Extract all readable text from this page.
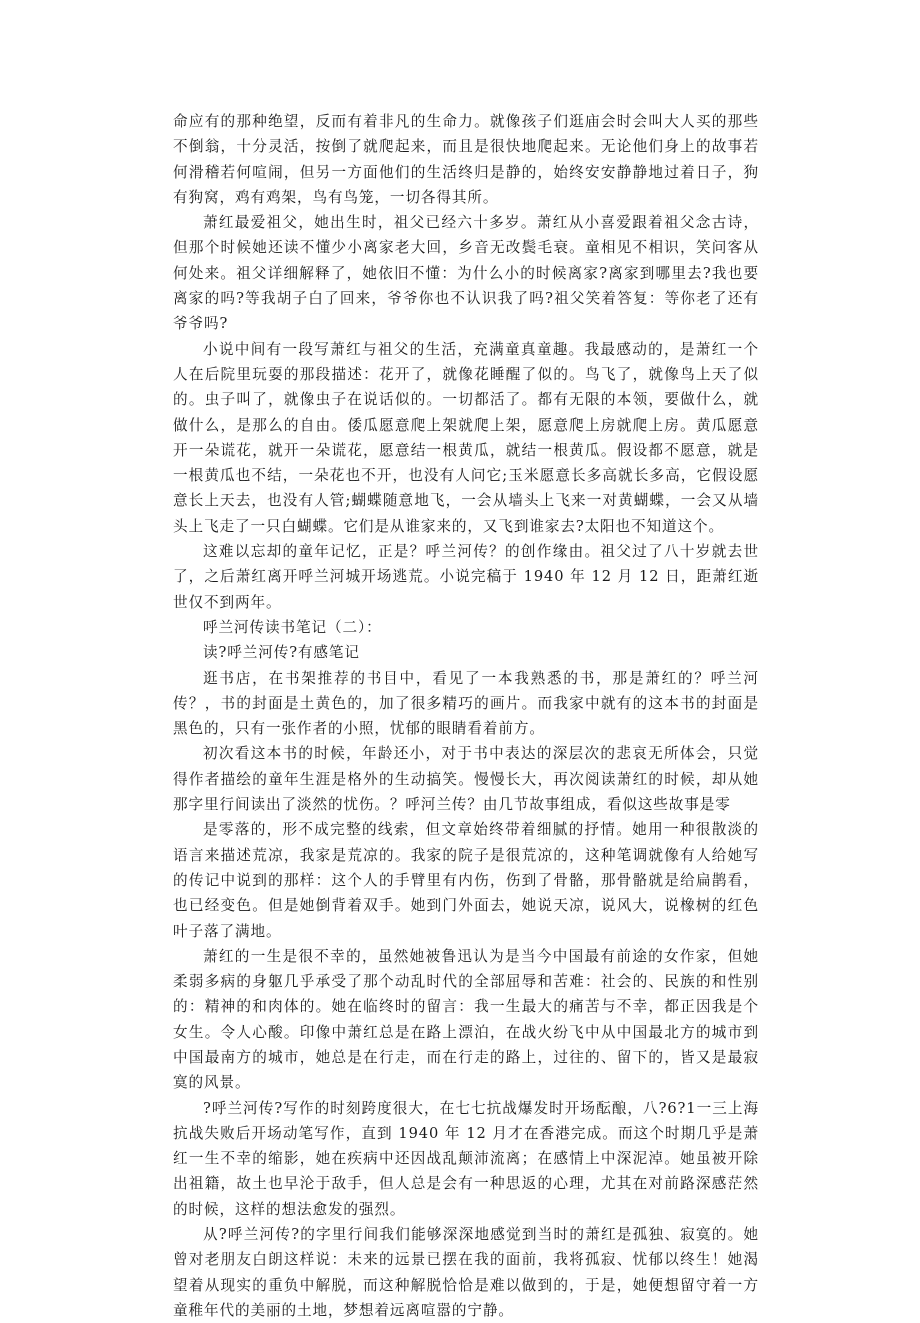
命应有的那种绝望，反而有着非凡的生命力。就像孩子们逛庙会时会叫大人买的那些不倒翁，十分灵活，按倒了就爬起来，而且是很快地爬起来。无论他们身上的故事若何滑稽若何喧闹，但另一方面他们的生活终归是静的，始终安安静静地过着日子，狗有狗窝，鸡有鸡架，鸟有鸟笼，一切各得其所。

萧红最爱祖父，她出生时，祖父已经六十多岁。萧红从小喜爱跟着祖父念古诗，但那个时候她还读不懂少小离家老大回，乡音无改鬓毛衰。童相见不相识，笑问客从何处来。祖父详细解释了，她依旧不懂：为什么小的时候离家?离家到哪里去?我也要离家的吗?等我胡子白了回来，爷爷你也不认识我了吗?祖父笑着答复：等你老了还有爷爷吗?

小说中间有一段写萧红与祖父的生活，充满童真童趣。我最感动的，是萧红一个人在后院里玩耍的那段描述：花开了，就像花睡醒了似的。鸟飞了，就像鸟上天了似的。虫子叫了，就像虫子在说话似的。一切都活了。都有无限的本领，要做什么，就做什么，是那么的自由。倭瓜愿意爬上架就爬上架，愿意爬上房就爬上房。黄瓜愿意开一朵谎花，就开一朵谎花，愿意结一根黄瓜，就结一根黄瓜。假设都不愿意，就是一根黄瓜也不结，一朵花也不开，也没有人问它;玉米愿意长多高就长多高，它假设愿意长上天去，也没有人管;蝴蝶随意地飞，一会从墙头上飞来一对黄蝴蝶，一会又从墙头上飞走了一只白蝴蝶。它们是从谁家来的，又飞到谁家去?太阳也不知道这个。

这难以忘却的童年记忆，正是？呼兰河传？的创作缘由。祖父过了八十岁就去世了，之后萧红离开呼兰河城开场逃荒。小说完稿于 1940 年 12 月 12 日，距萧红逝世仅不到两年。

呼兰河传读书笔记（二）：

读?呼兰河传?有感笔记

逛书店，在书架推荐的书目中，看见了一本我熟悉的书，那是萧红的？呼兰河传？，书的封面是土黄色的，加了很多精巧的画片。而我家中就有的这本书的封面是黑色的，只有一张作者的小照，忧郁的眼睛看着前方。

初次看这本书的时候，年龄还小，对于书中表达的深层次的悲哀无所体会，只觉得作者描绘的童年生涯是格外的生动搞笑。慢慢长大，再次阅读萧红的时候，却从她那字里行间读出了淡然的忧伤。？呼河兰传？由几节故事组成，看似这些故事是零

是零落的，形不成完整的线索，但文章始终带着细腻的抒情。她用一种很散淡的语言来描述荒凉，我家是荒凉的。我家的院子是很荒凉的，这种笔调就像有人给她写的传记中说到的那样：这个人的手臂里有内伤，伤到了骨骼，那骨骼就是给扁鹊看，也已经变色。但是她倒背着双手。她到门外面去，她说天凉，说风大，说橡树的红色叶子落了满地。

萧红的一生是很不幸的，虽然她被鲁迅认为是当今中国最有前途的女作家，但她柔弱多病的身躯几乎承受了那个动乱时代的全部屈辱和苦难：社会的、民族的和性别的：精神的和肉体的。她在临终时的留言：我一生最大的痛苦与不幸，都正因我是个女生。令人心酸。印像中萧红总是在路上漂泊，在战火纷飞中从中国最北方的城市到中国最南方的城市，她总是在行走，而在行走的路上，过往的、留下的，皆又是最寂寞的风景。

?呼兰河传?写作的时刻跨度很大，在七七抗战爆发时开场酝酿，八?6?1一三上海抗战失败后开场动笔写作，直到 1940 年 12 月才在香港完成。而这个时期几乎是萧红一生不幸的缩影，她在疾病中还因战乱颠沛流离；在感情上中深泥淖。她虽被开除出祖籍，故土也早沦于敌手，但人总是会有一种思返的心理，尤其在对前路深感茫然的时候，这样的想法愈发的强烈。

从?呼兰河传?的字里行间我们能够深深地感觉到当时的萧红是孤独、寂寞的。她曾对老朋友白朗这样说：未来的远景已摆在我的面前，我将孤寂、忧郁以终生！她渴望着从现实的重负中解脱，而这种解脱恰恰是难以做到的，于是，她便想留守着一方童稚年代的美丽的土地，梦想着远离喧嚣的宁静。
